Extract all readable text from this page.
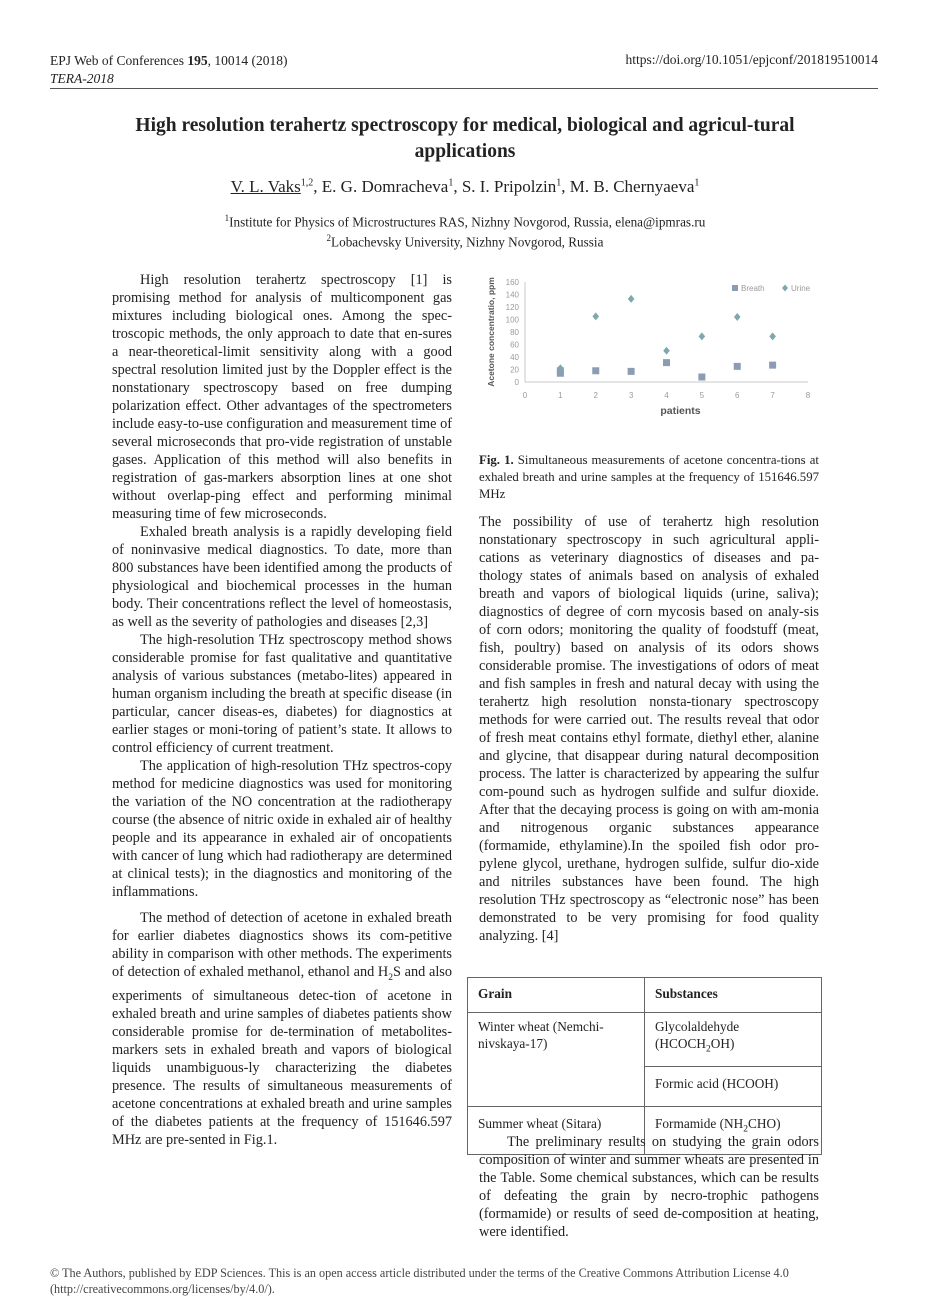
EPJ Web of Conferences 195, 10014 (2018)
TERA-2018
https://doi.org/10.1051/epjconf/201819510014
High resolution terahertz spectroscopy for medical, biological and agricul-tural applications
V. L. Vaks$^{1,2}$, E. G. Domracheva$^1$, S. I. Pripolzin$^1$, M. B. Chernyaeva$^1$
$^1$Institute for Physics of Microstructures RAS, Nizhny Novgorod, Russia, elena@ipmras.ru
$^2$Lobachevsky University, Nizhny Novgorod, Russia

High resolution terahertz spectroscopy [1] is promising method for analysis of multicomponent gas mixtures including biological ones. Among the spec-troscopic methods, the only approach to date that en-sures a near-theoretical-limit sensitivity along with a good spectral resolution limited just by the Doppler effect is the nonstationary spectroscopy based on free dumping polarization effect. Other advantages of the spectrometers include easy-to-use configuration and measurement time of several microseconds that pro-vide registration of unstable gases. Application of this method will also benefits in registration of gas-markers absorption lines at one shot without overlap-ping effect and performing minimal measuring time of few microseconds.

Exhaled breath analysis is a rapidly developing field of noninvasive medical diagnostics. To date, more than 800 substances have been identified among the products of physiological and biochemical processes in the human body. Their concentrations reflect the level of homeostasis, as well as the severity of pathologies and diseases [2,3]

The high-resolution THz spectroscopy method shows considerable promise for fast qualitative and quantitative analysis of various substances (metabo-lites) appeared in human organism including the breath at specific disease (in particular, cancer diseas-es, diabetes) for diagnostics at earlier stages or moni-toring of patient’s state. It allows to control efficiency of current treatment.

The application of high-resolution THz spectros-copy method for medicine diagnostics was used for monitoring the variation of the NO concentration at the radiotherapy course (the absence of nitric oxide in exhaled air of healthy people and its appearance in exhaled air of oncopatients with cancer of lung which had radiotherapy are determined at clinical tests); in the diagnostics and monitoring of the inflammations.

The method of detection of acetone in exhaled breath for earlier diabetes diagnostics shows its com-petitive ability in comparison with other methods. The experiments of detection of exhaled methanol, ethanol and $H_2S$ and also experiments of simultaneous detec-tion of acetone in exhaled breath and urine samples of diabetes patients show considerable promise for de-termination of metabolites-markers sets in exhaled breath and vapors of biological liquids unambiguous-ly characterizing the diabetes presence. The results of simultaneous measurements of acetone concentrations at exhaled breath and urine samples of the diabetes patients at the frequency of 151646.597 MHz are pre-sented in Fig.1.

0
20
40
60
80
100
120
140
160
0	1	2	3	4	5	6	7	8
patients
Acetone concentratio, ppm	Breath	Urine
Fig. 1. Simultaneous measurements of acetone concentra-tions at exhaled breath and urine samples at the frequency of 151646.597 MHz

The possibility of use of terahertz high resolution nonstationary spectroscopy in such agricultural appli-cations as veterinary diagnostics of diseases and pa-thology states of animals based on analysis of exhaled breath and vapors of biological liquids (urine, saliva); diagnostics of degree of corn mycosis based on analy-sis of corn odors; monitoring the quality of foodstuff (meat, fish, poultry) based on analysis of its odors shows considerable promise. The investigations of odors of meat and fish samples in fresh and natural decay with using the terahertz high resolution nonsta-tionary spectroscopy methods for were carried out. The results reveal that odor of fresh meat contains ethyl formate, diethyl ether, alanine and glycine, that disappear during natural decomposition process. The latter is characterized by appearing the sulfur com-pound such as hydrogen sulfide and sulfur dioxide. After that the decaying process is going on with am-monia and nitrogenous organic substances appearance (formamide, ethylamine).In the spoiled fish odor pro-pylene glycol, urethane, hydrogen sulfide, sulfur dio-xide and nitriles substances have been found. The high resolution THz spectroscopy as “electronic nose” has been demonstrated to be very promising for food quality analyzing. [4]

Grain	Substances
Winter wheat (Nemchi-nivskaya-17)	Glycolaldehyde $(HCOCH_2OH)$
	Formic acid (HCOOH)
Summer wheat (Sitara)	Formamide $(NH_2CHO)$

The preliminary results on studying the grain odors composition of winter and summer wheats are presented in the Table. Some chemical substances, which can be results of defeating the grain by necro-trophic pathogens (formamide) or results of seed de-composition at heating, were identified.

© The Authors, published by EDP Sciences. This is an open access article distributed under the terms of the Creative Commons Attribution License 4.0
(http://creativecommons.org/licenses/by/4.0/).
